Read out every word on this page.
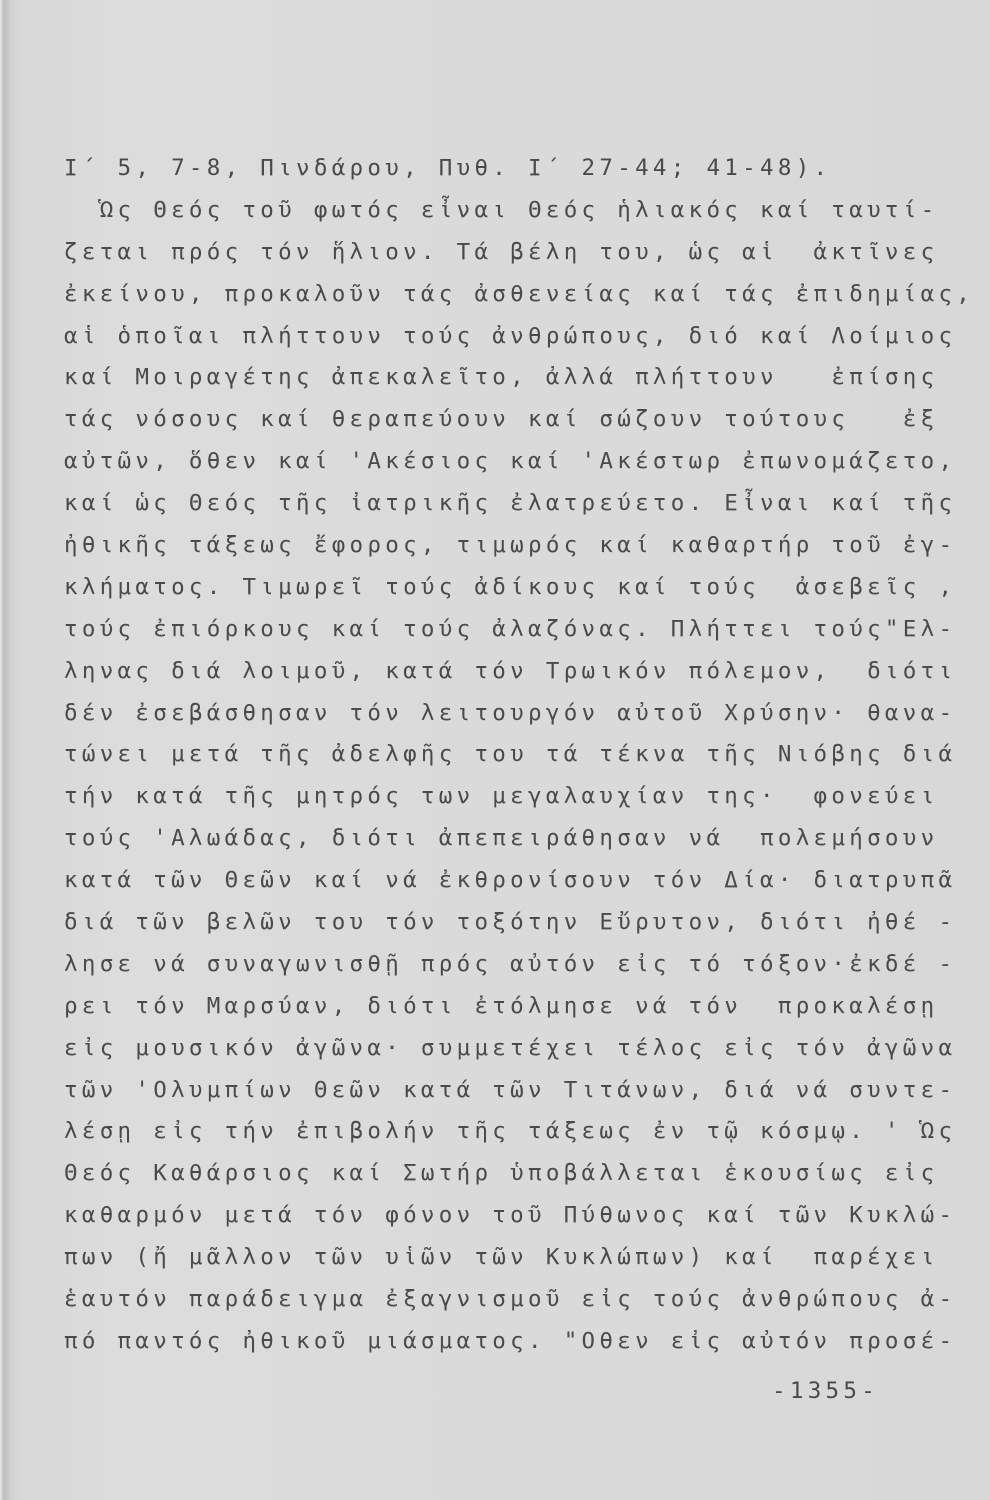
Ι΄ 5, 7-8, Πινδάρου, Πυθ. Ι΄ 27-44; 41-48).
Ὡς Θεός τοῦ φωτός εἶναι Θεός ἡλιακός καί ταυτί-
ζεται πρός τόν ἥλιον. Τά βέλη του, ὡς αἱ  ἀκτῖνες
ἐκείνου, προκαλοῦν τάς ἀσθενείας καί τάς ἐπιδημίας,
αἱ ὁποῖαι πλήττουν τούς ἀνθρώπους, διό καί Λοίμιος
καί Μοιραγέτης ἀπεκαλεῖτο, ἀλλά πλήττουν   ἐπίσης
τάς νόσους καί θεραπεύουν καί σώζουν τούτους   ἐξ
αὐτῶν, ὅθεν καί 'Ακέσιος καί 'Ακέστωρ ἐπωνομάζετο,
καί ὡς Θεός τῆς ἰατρικῆς ἐλατρεύετο. Εἶναι καί τῆς
ἠθικῆς τάξεως ἔφορος, τιμωρός καί καθαρτήρ τοῦ ἐγ-
κλήματος. Τιμωρεῖ τούς ἀδίκους καί τούς  ἀσεβεῖς ,
τούς ἐπιόρκους καί τούς ἀλαζόνας. Πλήττει τούς"Ελ-
ληνας διά λοιμοῦ, κατά τόν Τρωικόν πόλεμον,  διότι
δέν ἐσεβάσθησαν τόν λειτουργόν αὐτοῦ Χρύσην· θανα-
τώνει μετά τῆς ἀδελφῆς του τά τέκνα τῆς Νιόβης διά
τήν κατά τῆς μητρός των μεγαλαυχίαν της·  φονεύει
τούς 'Αλωάδας, διότι ἀπεπειράθησαν νά  πολεμήσουν
κατά τῶν Θεῶν καί νά ἐκθρονίσουν τόν Δία· διατρυπᾶ
διά τῶν βελῶν του τόν τοξότην Εὔρυτον, διότι ἠθέ -
λησε νά συναγωνισθῇ πρός αὐτόν εἰς τό τόξον·ἐκδέ -
ρει τόν Μαρσύαν, διότι ἐτόλμησε νά τόν  προκαλέσῃ
εἰς μουσικόν ἀγῶνα· συμμετέχει τέλος εἰς τόν ἀγῶνα
τῶν 'Ολυμπίων Θεῶν κατά τῶν Τιτάνων, διά νά συντε-
λέσῃ εἰς τήν ἐπιβολήν τῆς τάξεως ἐν τῷ κόσμῳ. ' Ὡς
Θεός Καθάρσιος καί Σωτήρ ὑποβάλλεται ἑκουσίως εἰς
καθαρμόν μετά τόν φόνον τοῦ Πύθωνος καί τῶν Κυκλώ-
πων (ἤ μᾶλλον τῶν υἱῶν τῶν Κυκλώπων) καί  παρέχει
ἑαυτόν παράδειγμα ἐξαγνισμοῦ εἰς τούς ἀνθρώπους ἀ-
πό παντός ἠθικοῦ μιάσματος. "Οθεν εἰς αὐτόν προσέ-
-1355-
